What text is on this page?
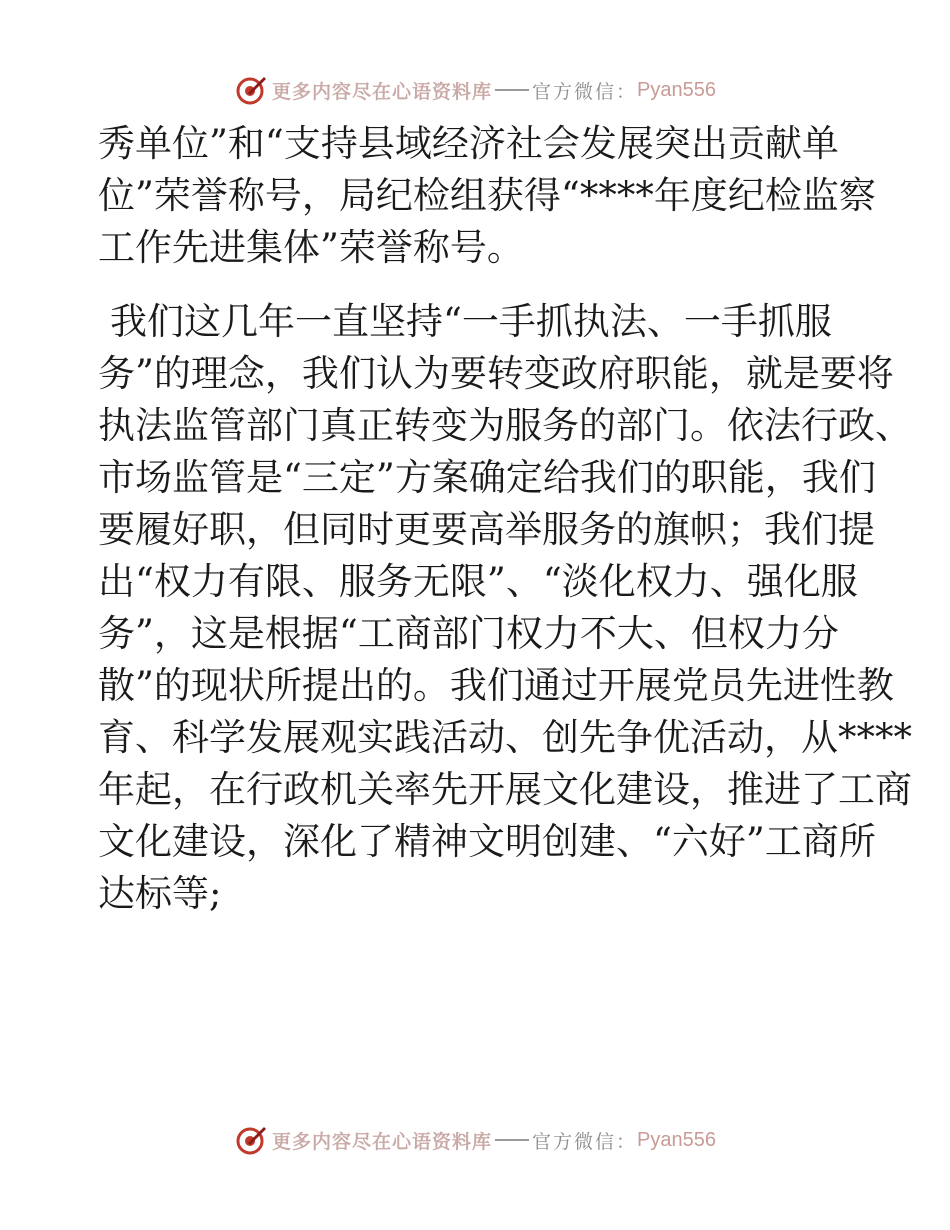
更多内容尽在心语资料库 官方微信： Pyan556
秀单位”和“支持县域经济社会发展突出贡献单
位”荣誉称号，局纪检组获得“****年度纪检监察
工作先进集体”荣誉称号。
我们这几年一直坚持“一手抓执法、一手抓服
务”的理念，我们认为要转变政府职能，就是要将
执法监管部门真正转变为服务的部门。依法行政、
市场监管是“三定”方案确定给我们的职能，我们
要履好职，但同时更要高举服务的旗帜；我们提
出“权力有限、服务无限”、“淡化权力、强化服
务”，这是根据“工商部门权力不大、但权力分
散”的现状所提出的。我们通过开展党员先进性教
育、科学发展观实践活动、创先争优活动，从****
年起，在行政机关率先开展文化建设，推进了工商
文化建设，深化了精神文明创建、“六好”工商所
达标等;
更多内容尽在心语资料库 官方微信： Pyan556
